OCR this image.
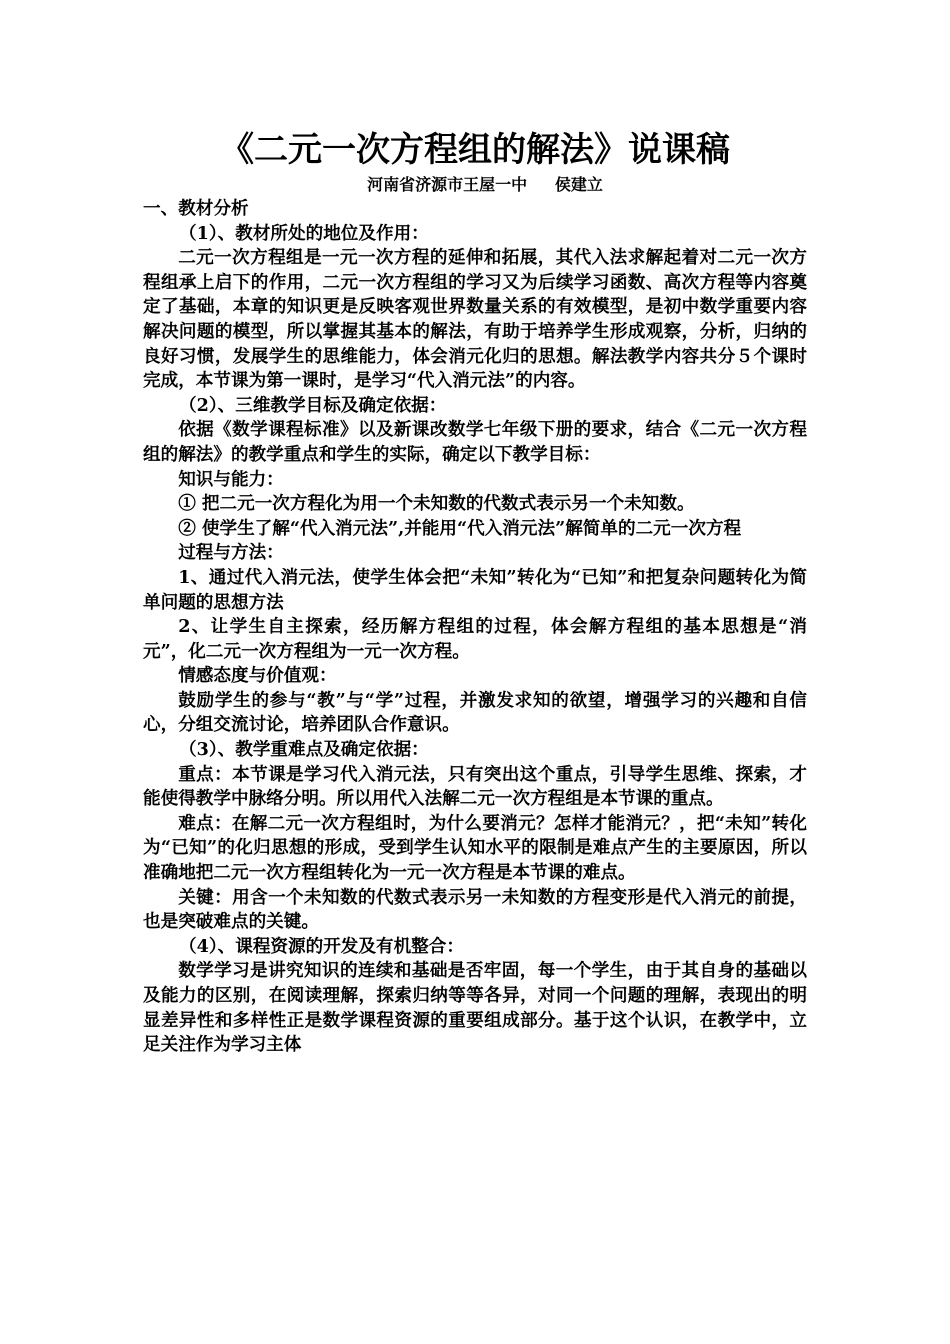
《二元一次方程组的解法》说课稿
河南省济源市王屋一中     侯建立

一、教材分析

（1）、教材所处的地位及作用：

二元一次方程组是一元一次方程的延伸和拓展，其代入法求解起着对二元一次方程组承上启下的作用，二元一次方程组的学习又为后续学习函数、高次方程等内容奠定了基础，本章的知识更是反映客观世界数量关系的有效模型，是初中数学重要内容解决问题的模型，所以掌握其基本的解法，有助于培养学生形成观察，分析，归纳的良好习惯，发展学生的思维能力，体会消元化归的思想。解法教学内容共分５个课时完成，本节课为第一课时，是学习“代入消元法”的内容。

（2）、三维教学目标及确定依据：

依据《数学课程标准》以及新课改数学七年级下册的要求，结合《二元一次方程组的解法》的教学重点和学生的实际，确定以下教学目标：

知识与能力：

① 把二元一次方程化为用一个未知数的代数式表示另一个未知数。

② 使学生了解“代入消元法”,并能用“代入消元法”解简单的二元一次方程

过程与方法：

1、通过代入消元法，使学生体会把“未知”转化为“已知”和把复杂问题转化为简单问题的思想方法

2、让学生自主探索，经历解方程组的过程，体会解方程组的基本思想是“消元”，化二元一次方程组为一元一次方程。

情感态度与价值观：

鼓励学生的参与“教”与“学”过程，并激发求知的欲望，增强学习的兴趣和自信心，分组交流讨论，培养团队合作意识。

（3）、教学重难点及确定依据：

重点：本节课是学习代入消元法，只有突出这个重点，引导学生思维、探索，才能使得教学中脉络分明。所以用代入法解二元一次方程组是本节课的重点。

难点：在解二元一次方程组时，为什么要消元？怎样才能消元？，把“未知”转化为“已知”的化归思想的形成，受到学生认知水平的限制是难点产生的主要原因，所以准确地把二元一次方程组转化为一元一次方程是本节课的难点。

关键：用含一个未知数的代数式表示另一未知数的方程变形是代入消元的前提，也是突破难点的关键。

（4）、课程资源的开发及有机整合：

数学学习是讲究知识的连续和基础是否牢固，每一个学生，由于其自身的基础以及能力的区别，在阅读理解，探索归纳等等各异，对同一个问题的理解，表现出的明显差异性和多样性正是数学课程资源的重要组成部分。基于这个认识，在教学中，立足关注作为学习主体
